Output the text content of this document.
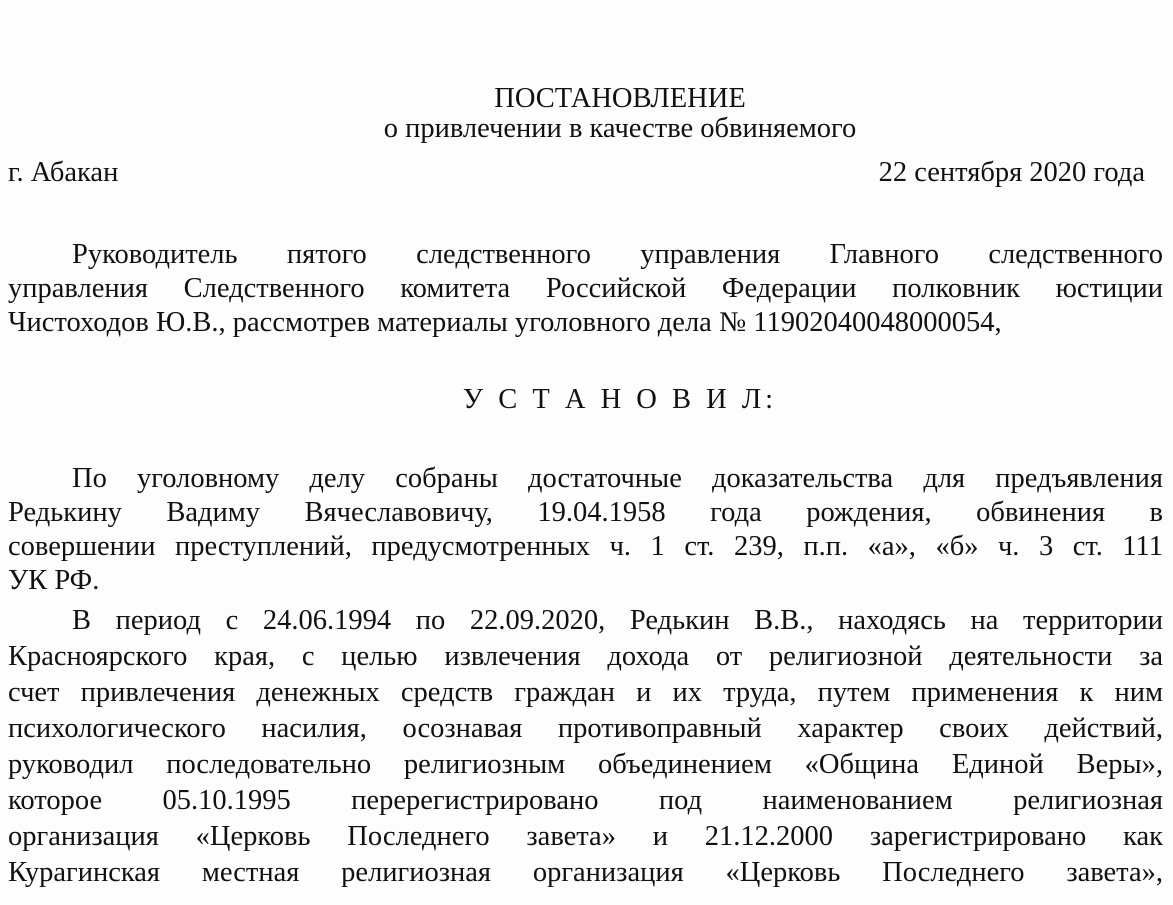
ПОСТАНОВЛЕНИЕ
о привлечении в качестве обвиняемого
г. Абакан	22 сентября 2020 года
Руководитель пятого следственного управления Главного следственного
управления Следственного комитета Российской Федерации полковник юстиции
Чистоходов Ю.В., рассмотрев материалы уголовного дела № 11902040048000054,
У С Т А Н О В И Л:
По уголовному делу собраны достаточные доказательства для предъявления
Редькину Вадиму Вячеславовичу, 19.04.1958 года рождения, обвинения в
совершении преступлений, предусмотренных ч. 1 ст. 239, п.п. «а», «б» ч. 3 ст. 111
УК РФ.
В период с 24.06.1994 по 22.09.2020, Редькин В.В., находясь на территории
Красноярского края, с целью извлечения дохода от религиозной деятельности за
счет привлечения денежных средств граждан и их труда, путем применения к ним
психологического насилия, осознавая противоправный характер своих действий,
руководил последовательно религиозным объединением «Община Единой Веры»,
которое 05.10.1995 перерегистрировано под наименованием религиозная
организация «Церковь Последнего завета» и 21.12.2000 зарегистрировано как
Курагинская местная религиозная организация «Церковь Последнего завета»,
